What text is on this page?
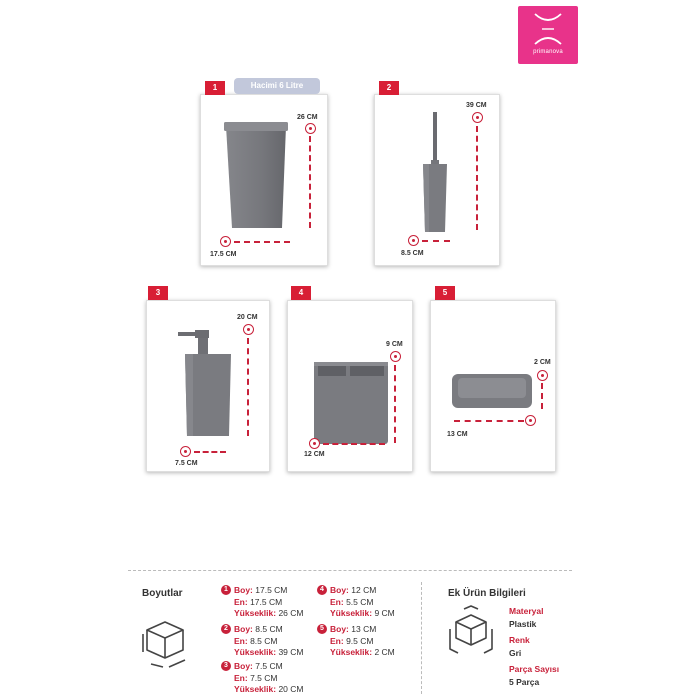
primanova
1	Hacimi 6 Litre
26 CM
17.5 CM
2
39 CM
8.5 CM
3
20 CM
7.5 CM
4
9 CM
12 CM
5
2 CM
13 CM
Boyutlar	1 Boy: 17.5 CM
En: 17.5 CM
Yükseklik: 26 CM
2 Boy: 8.5 CM
En: 8.5 CM
Yükseklik: 39 CM
3 Boy: 7.5 CM
En: 7.5 CM
Yükseklik: 20 CM
4 Boy: 12 CM
En: 5.5 CM
Yükseklik: 9 CM
5 Boy: 13 CM
En: 9.5 CM
Yükseklik: 2 CM
Ek Ürün Bilgileri
Materyal
Plastik
Renk
Gri
Parça Sayısı
5 Parça
